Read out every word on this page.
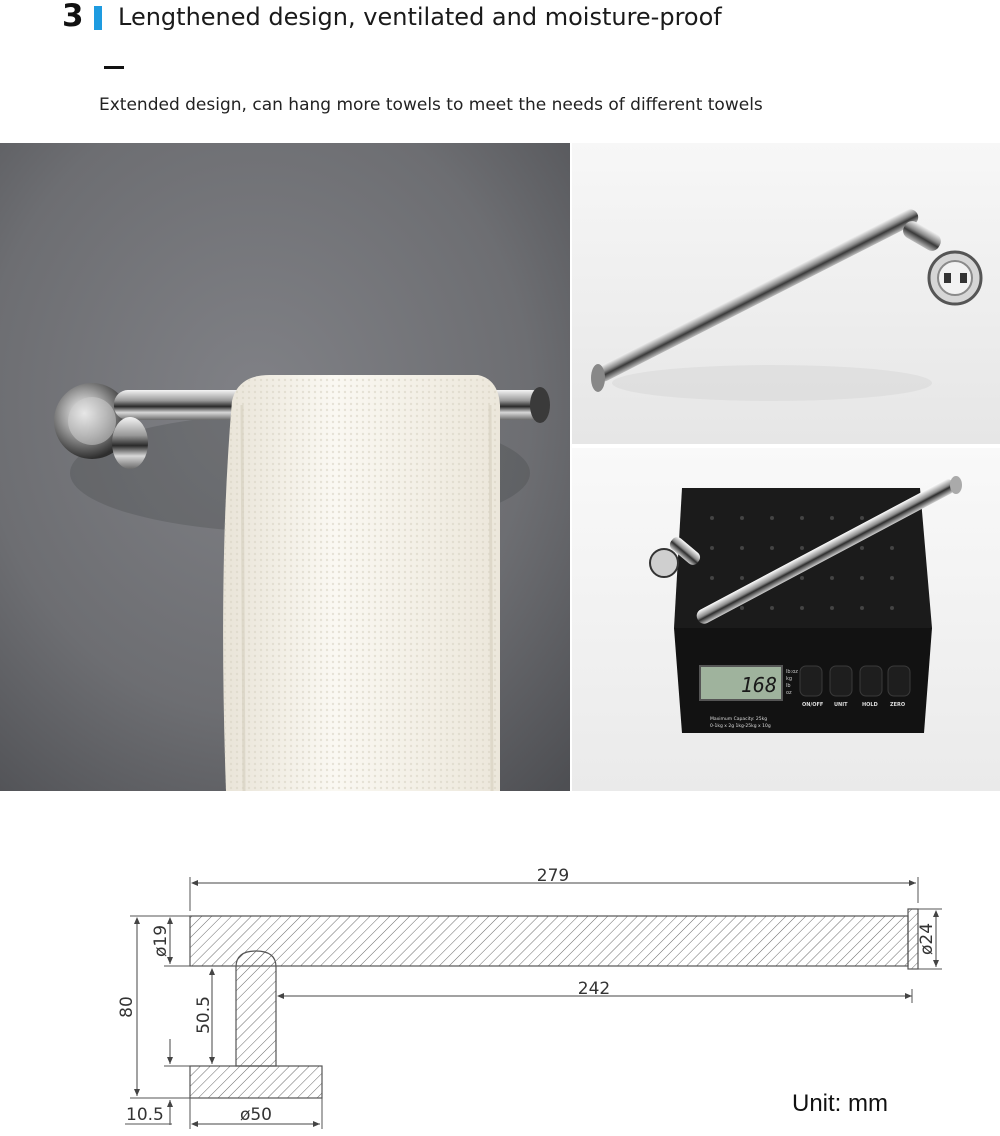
3 Lengthened design, ventilated and moisture-proof
Extended design, can hang more towels to meet the needs of different towels
168
lb:oz
kg
lb
oz
ON/OFF UNIT	HOLD ZERO
Maximum Capacity: 25kg
0-1kg x 2g 1kg-25kg x 10g
279
242
80
ø19
50.5
10.5	ø50
ø24
Unit: mm
